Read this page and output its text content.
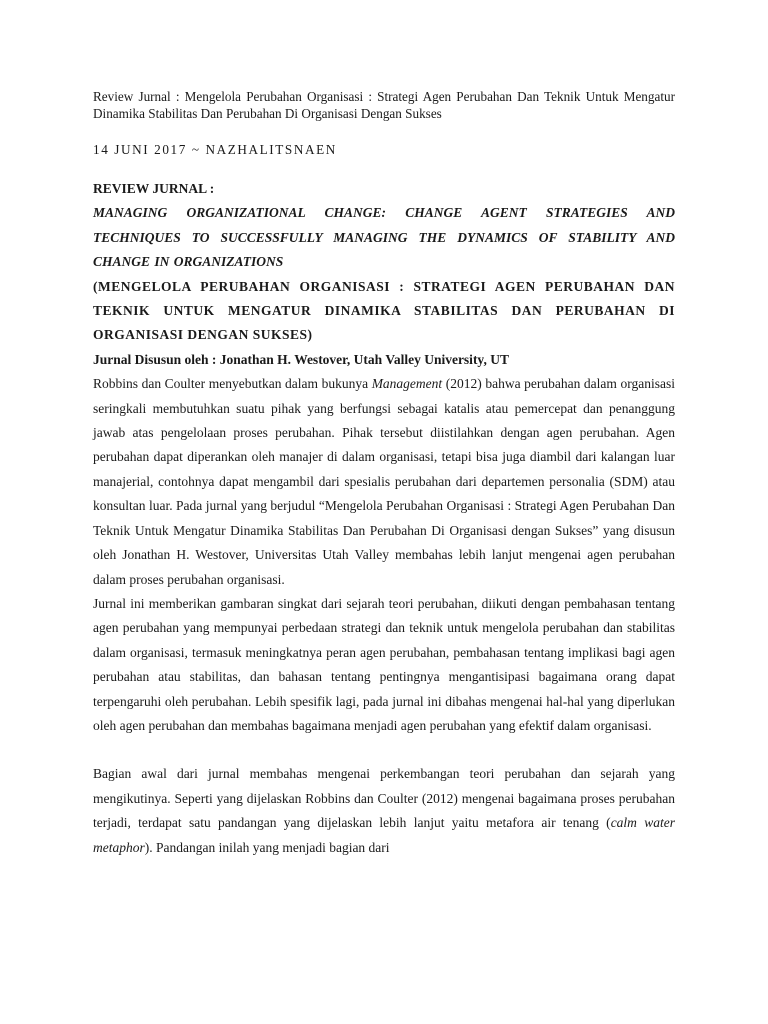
Review Jurnal : Mengelola Perubahan Organisasi : Strategi Agen Perubahan Dan Teknik Untuk Mengatur Dinamika Stabilitas Dan Perubahan Di Organisasi Dengan Sukses

14 JUNI 2017 ~ NAZHALITSNAEN

REVIEW JURNAL :

MANAGING ORGANIZATIONAL CHANGE: CHANGE AGENT STRATEGIES AND TECHNIQUES TO SUCCESSFULLY MANAGING THE DYNAMICS OF STABILITY AND CHANGE IN ORGANIZATIONS

(MENGELOLA PERUBAHAN ORGANISASI : STRATEGI AGEN PERUBAHAN DAN TEKNIK UNTUK MENGATUR DINAMIKA STABILITAS DAN PERUBAHAN DI ORGANISASI DENGAN SUKSES)

Jurnal Disusun oleh : Jonathan H. Westover, Utah Valley University, UT

Robbins dan Coulter menyebutkan dalam bukunya Management (2012) bahwa perubahan dalam organisasi seringkali membutuhkan suatu pihak yang berfungsi sebagai katalis atau pemercepat dan penanggung jawab atas pengelolaan proses perubahan. Pihak tersebut diistilahkan dengan agen perubahan. Agen perubahan dapat diperankan oleh manajer di dalam organisasi, tetapi bisa juga diambil dari kalangan luar manajerial, contohnya dapat mengambil dari spesialis perubahan dari departemen personalia (SDM) atau konsultan luar. Pada jurnal yang berjudul “Mengelola Perubahan Organisasi : Strategi Agen Perubahan Dan Teknik Untuk Mengatur Dinamika Stabilitas Dan Perubahan Di Organisasi dengan Sukses” yang disusun oleh Jonathan H. Westover, Universitas Utah Valley membahas lebih lanjut mengenai agen perubahan dalam proses perubahan organisasi.

Jurnal ini memberikan gambaran singkat dari sejarah teori perubahan, diikuti dengan pembahasan tentang agen perubahan yang mempunyai perbedaan strategi dan teknik untuk mengelola perubahan dan stabilitas dalam organisasi, termasuk meningkatnya peran agen perubahan, pembahasan tentang implikasi bagi agen perubahan atau stabilitas, dan bahasan tentang pentingnya mengantisipasi bagaimana orang dapat terpengaruhi oleh perubahan. Lebih spesifik lagi, pada jurnal ini dibahas mengenai hal-hal yang diperlukan oleh agen perubahan dan membahas bagaimana menjadi agen perubahan yang efektif dalam organisasi.

Bagian awal dari jurnal membahas mengenai perkembangan teori perubahan dan sejarah yang mengikutinya. Seperti yang dijelaskan Robbins dan Coulter (2012) mengenai bagaimana proses perubahan terjadi, terdapat satu pandangan yang dijelaskan lebih lanjut yaitu metafora air tenang (calm water metaphor). Pandangan inilah yang menjadi bagian dari
